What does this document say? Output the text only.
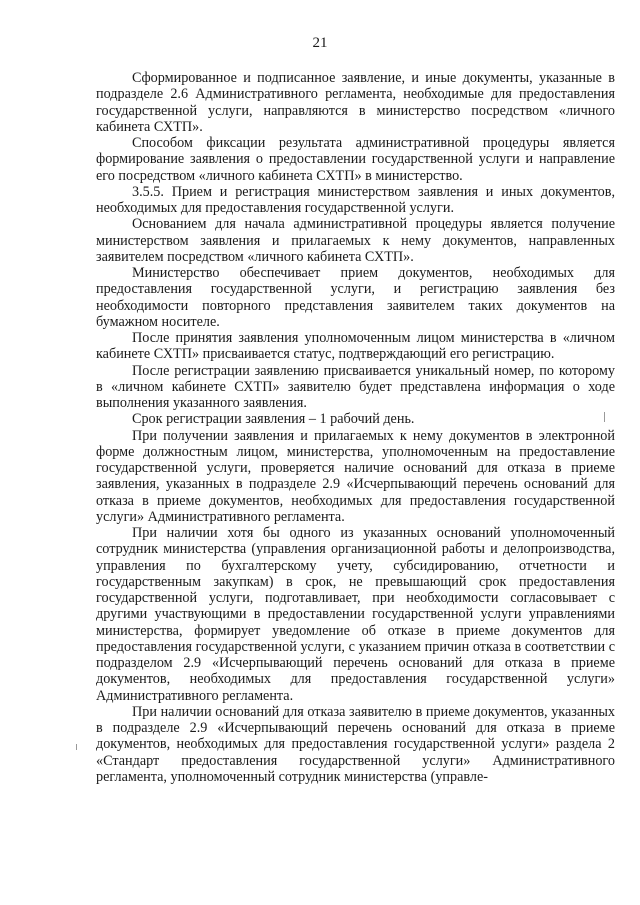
21

Сформированное и подписанное заявление, и иные документы, указанные в подразделе 2.6 Административного регламента, необходимые для предоставления государственной услуги, направляются в министерство посредством «личного кабинета СХТП».

Способом фиксации результата административной процедуры является формирование заявления о предоставлении государственной услуги и направление его посредством «личного кабинета СХТП» в министерство.

3.5.5. Прием и регистрация министерством заявления и иных документов, необходимых для предоставления государственной услуги.

Основанием для начала административной процедуры является получение министерством заявления и прилагаемых к нему документов, направленных заявителем посредством «личного кабинета СХТП».

Министерство обеспечивает прием документов, необходимых для предоставления государственной услуги, и регистрацию заявления без необходимости повторного представления заявителем таких документов на бумажном носителе.

После принятия заявления уполномоченным лицом министерства в «личном кабинете СХТП» присваивается статус, подтверждающий его регистрацию.

После регистрации заявлению присваивается уникальный номер, по которому в «личном кабинете СХТП» заявителю будет представлена информация о ходе выполнения указанного заявления.

Срок регистрации заявления – 1 рабочий день.

При получении заявления и прилагаемых к нему документов в электронной форме должностным лицом, министерства, уполномоченным на предоставление государственной услуги, проверяется наличие оснований для отказа в приеме заявления, указанных в подразделе 2.9 «Исчерпывающий перечень оснований для отказа в приеме документов, необходимых для предоставления государственной услуги» Административного регламента.

При наличии хотя бы одного из указанных оснований уполномоченный сотрудник министерства (управления организационной работы и делопроизводства, управления по бухгалтерскому учету, субсидированию, отчетности и государственным закупкам) в срок, не превышающий срок предоставления государственной услуги, подготавливает, при необходимости согласовывает с другими участвующими в предоставлении государственной услуги управлениями министерства, формирует уведомление об отказе в приеме документов для предоставления государственной услуги, с указанием причин отказа в соответствии с подразделом 2.9 «Исчерпывающий перечень оснований для отказа в приеме документов, необходимых для предоставления государственной услуги» Административного регламента.

При наличии оснований для отказа заявителю в приеме документов, указанных в подразделе 2.9 «Исчерпывающий перечень оснований для отказа в приеме документов, необходимых для предоставления государственной услуги» раздела 2 «Стандарт предоставления государственной услуги» Административного регламента, уполномоченный сотрудник министерства (управле-
